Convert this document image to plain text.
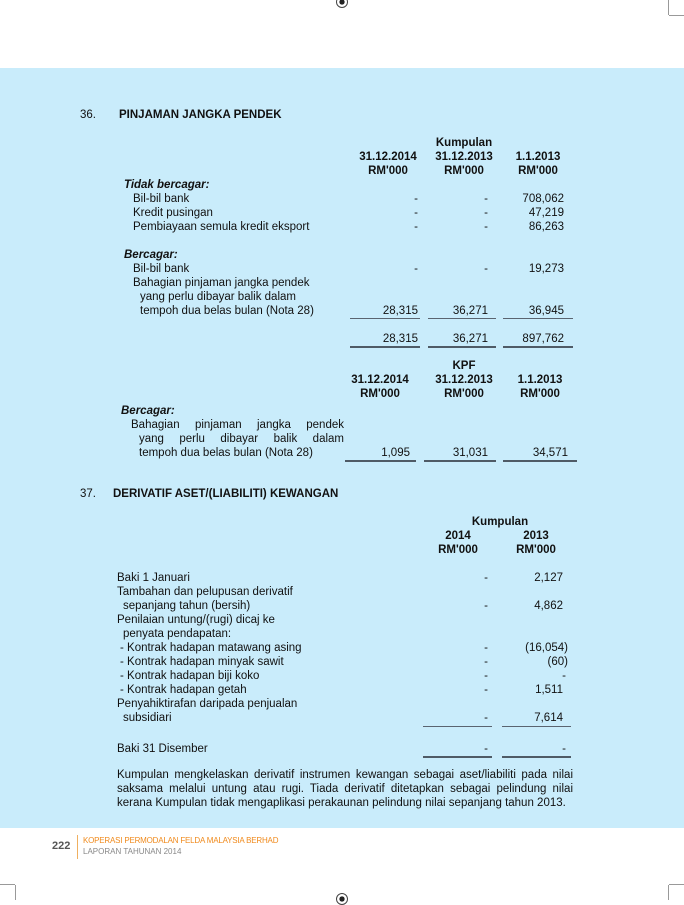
36. PINJAMAN JANGKA PENDEK
Kumpulan
31.12.2014	31.12.2013	1.1.2013
RM'000	RM'000	RM'000
Tidak bercagar:
Bil-bil bank	-	-	708,062
Kredit pusingan	-	-	47,219
Pembiayaan semula kredit eksport	-	-	86,263
Bercagar:
Bil-bil bank	-	-	19,273
Bahagian pinjaman jangka pendek
yang perlu dibayar balik dalam
tempoh dua belas bulan (Nota 28)	28,315	36,271	36,945
28,315	36,271	897,762
KPF
31.12.2014	31.12.2013	1.1.2013
RM'000	RM'000	RM'000
Bercagar:
Bahagian pinjaman jangka pendek
yang perlu dibayar balik dalam
tempoh dua belas bulan (Nota 28)	1,095	31,031	34,571
37. DERIVATIF ASET/(LIABILITI) KEWANGAN
Kumpulan
2014	2013
RM'000	RM'000
Baki 1 Januari	-	2,127
Tambahan dan pelupusan derivatif
sepanjang tahun (bersih)	-	4,862
Penilaian untung/(rugi) dicaj ke
penyata pendapatan:
- Kontrak hadapan matawang asing	-	(16,054)
- Kontrak hadapan minyak sawit	-	(60)
- Kontrak hadapan biji koko	-	-
- Kontrak hadapan getah	-	1,511
Penyahiktirafan daripada penjualan
subsidiari	-	7,614
Baki 31 Disember	-	-
Kumpulan mengkelaskan derivatif instrumen kewangan sebagai aset/liabiliti pada nilai saksama melalui untung atau rugi. Tiada derivatif ditetapkan sebagai pelindung nilai kerana Kumpulan tidak mengaplikasi perakaunan pelindung nilai sepanjang tahun 2013.
222 KOPERASI PERMODALAN FELDA MALAYSIA BERHAD
LAPORAN TAHUNAN 2014
